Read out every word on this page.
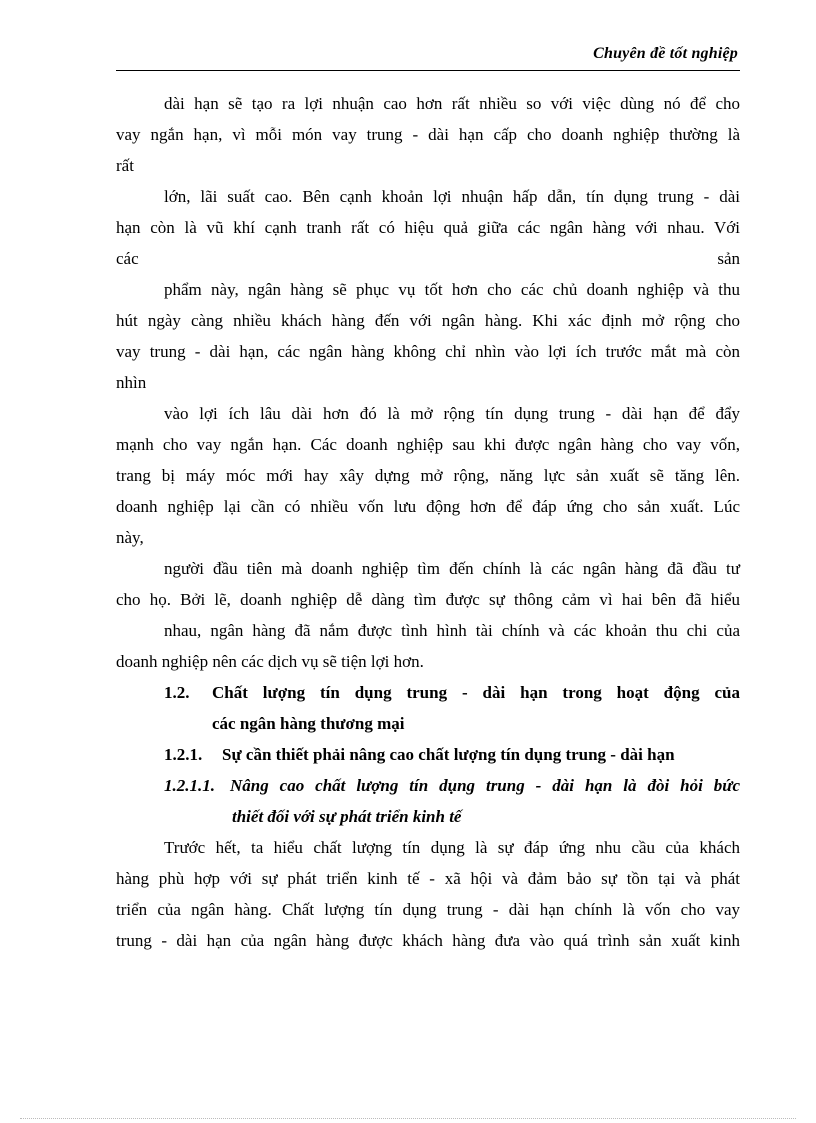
Chuyên đề tốt nghiệp
dài hạn sẽ tạo ra lợi nhuận cao hơn rất nhiều so với việc dùng nó để cho
vay ngắn hạn, vì mỗi món vay trung - dài hạn cấp cho doanh nghiệp thường là
rất
lớn, lãi suất cao. Bên cạnh khoản lợi nhuận hấp dẫn, tín dụng trung - dài
hạn còn là vũ khí cạnh tranh rất có hiệu quả giữa các ngân hàng với nhau. Với
các	sản
phẩm này, ngân hàng sẽ phục vụ tốt hơn cho các chủ doanh nghiệp và thu
hút ngày càng nhiều khách hàng đến với ngân hàng. Khi xác định mở rộng cho
vay trung - dài hạn, các ngân hàng không chỉ nhìn vào lợi ích trước mắt mà còn
nhìn
vào lợi ích lâu dài hơn đó là mở rộng tín dụng trung - dài hạn để đẩy
mạnh cho vay ngắn hạn. Các doanh nghiệp sau khi được ngân hàng cho vay vốn,
trang bị máy móc mới hay xây dựng mở rộng, năng lực sản xuất sẽ tăng lên.
doanh nghiệp lại cần có nhiều vốn lưu động hơn để đáp ứng cho sản xuất. Lúc
này,
người đầu tiên mà doanh nghiệp tìm đến chính là các ngân hàng đã đầu tư
cho họ. Bởi lẽ, doanh nghiệp dễ dàng tìm được sự thông cảm vì hai bên đã hiểu
nhau, ngân hàng đã nắm được tình hình tài chính và các khoản thu chi của
doanh nghiệp nên các dịch vụ sẽ tiện lợi hơn.
1.2.	Chất lượng tín dụng trung - dài hạn trong hoạt động của
các ngân hàng thương mại
1.2.1. Sự cần thiết phải nâng cao chất lượng tín dụng trung - dài hạn
1.2.1.1. Nâng cao chất lượng tín dụng trung - dài hạn là đòi hỏi bức
thiết đối với sự phát triển kinh tế
Trước hết, ta hiểu chất lượng tín dụng là sự đáp ứng nhu cầu của khách
hàng phù hợp với sự phát triển kinh tế - xã hội và đảm bảo sự tồn tại và phát
triển của ngân hàng. Chất lượng tín dụng trung - dài hạn chính là vốn cho vay
trung - dài hạn của ngân hàng được khách hàng đưa vào quá trình sản xuất kinh
